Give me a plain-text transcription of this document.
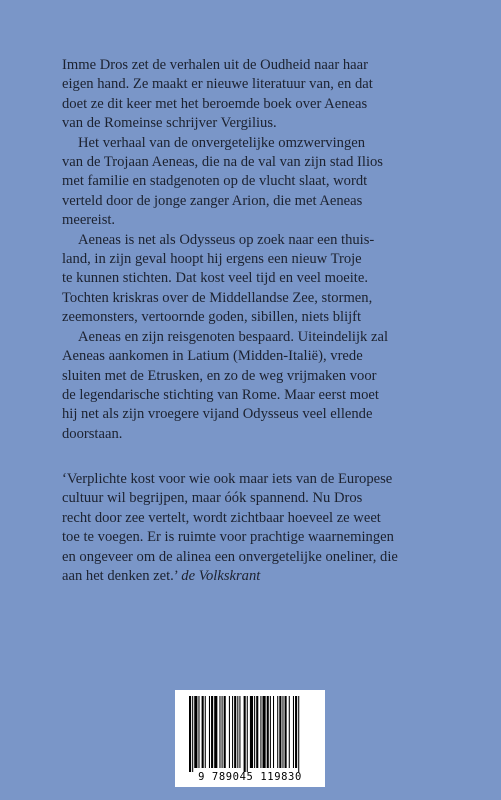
Imme Dros zet de verhalen uit de Oudheid naar haar
eigen hand. Ze maakt er nieuwe literatuur van, en dat
doet ze dit keer met het beroemde boek over Aeneas
van de Romeinse schrijver Vergilius.
Het verhaal van de onvergetelijke omzwervingen
van de Trojaan Aeneas, die na de val van zijn stad Ilios
met familie en stadgenoten op de vlucht slaat, wordt
verteld door de jonge zanger Arion, die met Aeneas
meereist.
Aeneas is net als Odysseus op zoek naar een thuis-
land, in zijn geval hoopt hij ergens een nieuw Troje
te kunnen stichten. Dat kost veel tijd en veel moeite.
Tochten kriskras over de Middellandse Zee, stormen,
zeemonsters, vertoornde goden, sibillen, niets blijft
Aeneas en zijn reisgenoten bespaard. Uiteindelijk zal
Aeneas aankomen in Latium (Midden-Italië), vrede
sluiten met de Etrusken, en zo de weg vrijmaken voor
de legendarische stichting van Rome. Maar eerst moet
hij net als zijn vroegere vijand Odysseus veel ellende
doorstaan.
‘Verplichte kost voor wie ook maar iets van de Europese
cultuur wil begrijpen, maar óók spannend. Nu Dros
recht door zee vertelt, wordt zichtbaar hoeveel ze weet
toe te voegen. Er is ruimte voor prachtige waarnemingen
en ongeveer om de alinea een onvergetelijke oneliner, die
aan het denken zet.’ de Volkskrant
9 789045 119830
